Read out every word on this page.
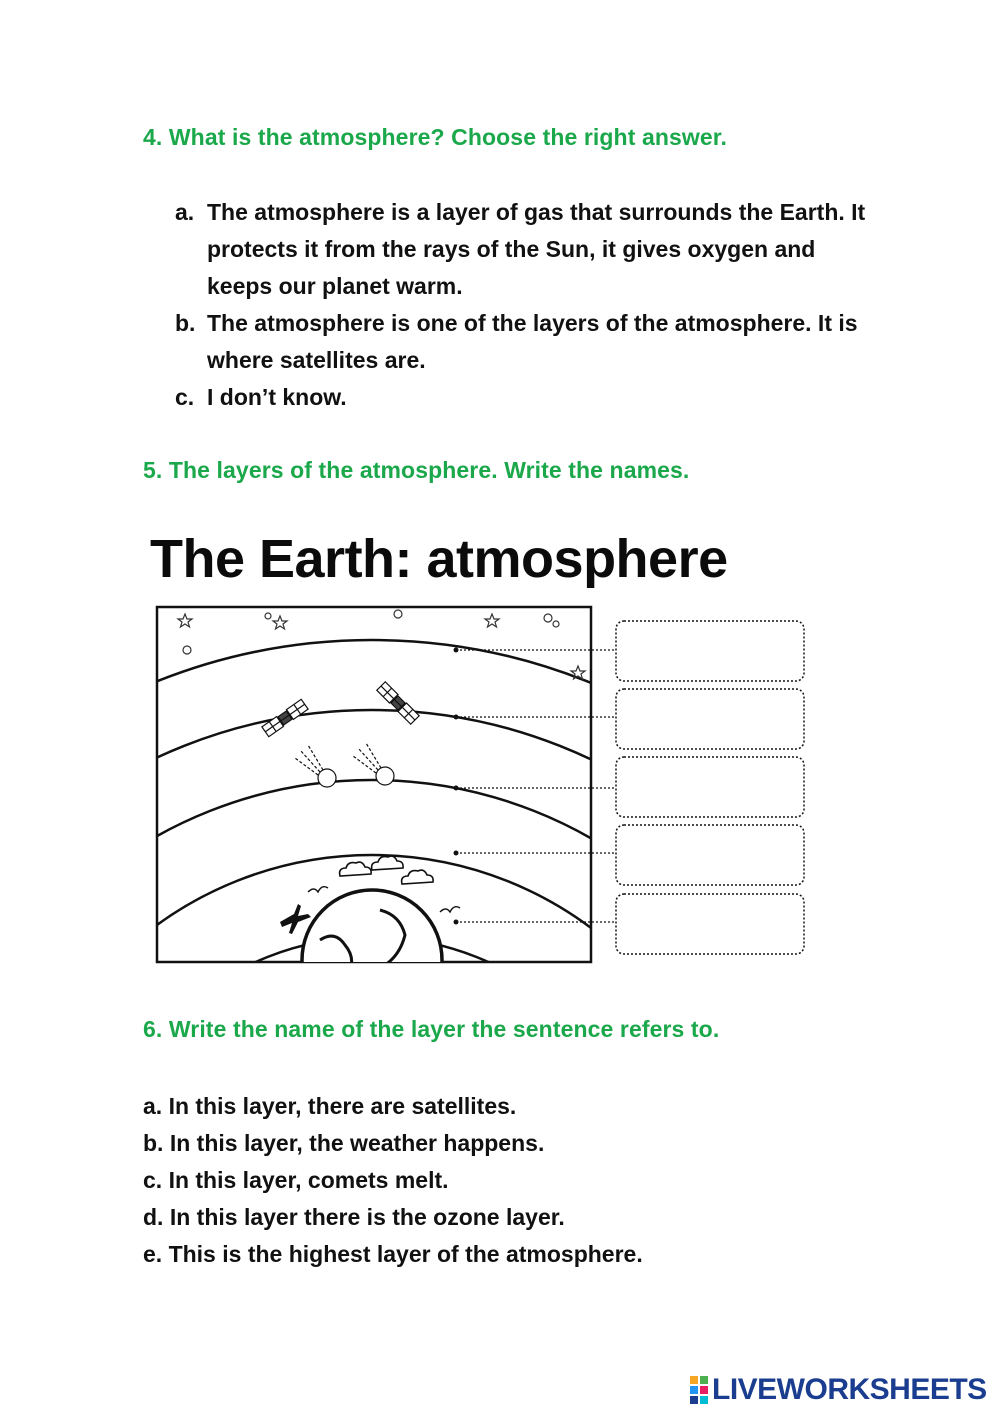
4. What is the atmosphere? Choose the right answer.
a. The atmosphere is a layer of gas that surrounds the Earth. It protects it from the rays of the Sun, it gives oxygen and keeps our planet warm.
b. The atmosphere is one of the layers of the atmosphere. It is where satellites are.
c. I don’t know.
5. The layers of the atmosphere. Write the names.
The Earth: atmosphere
6. Write the name of the layer the sentence refers to.
a. In this layer, there are satellites.
b. In this layer, the weather happens.
c. In this layer, comets melt.
d. In this layer there is the ozone layer.
e. This is the highest layer of the atmosphere.
LIVEWORKSHEETS
